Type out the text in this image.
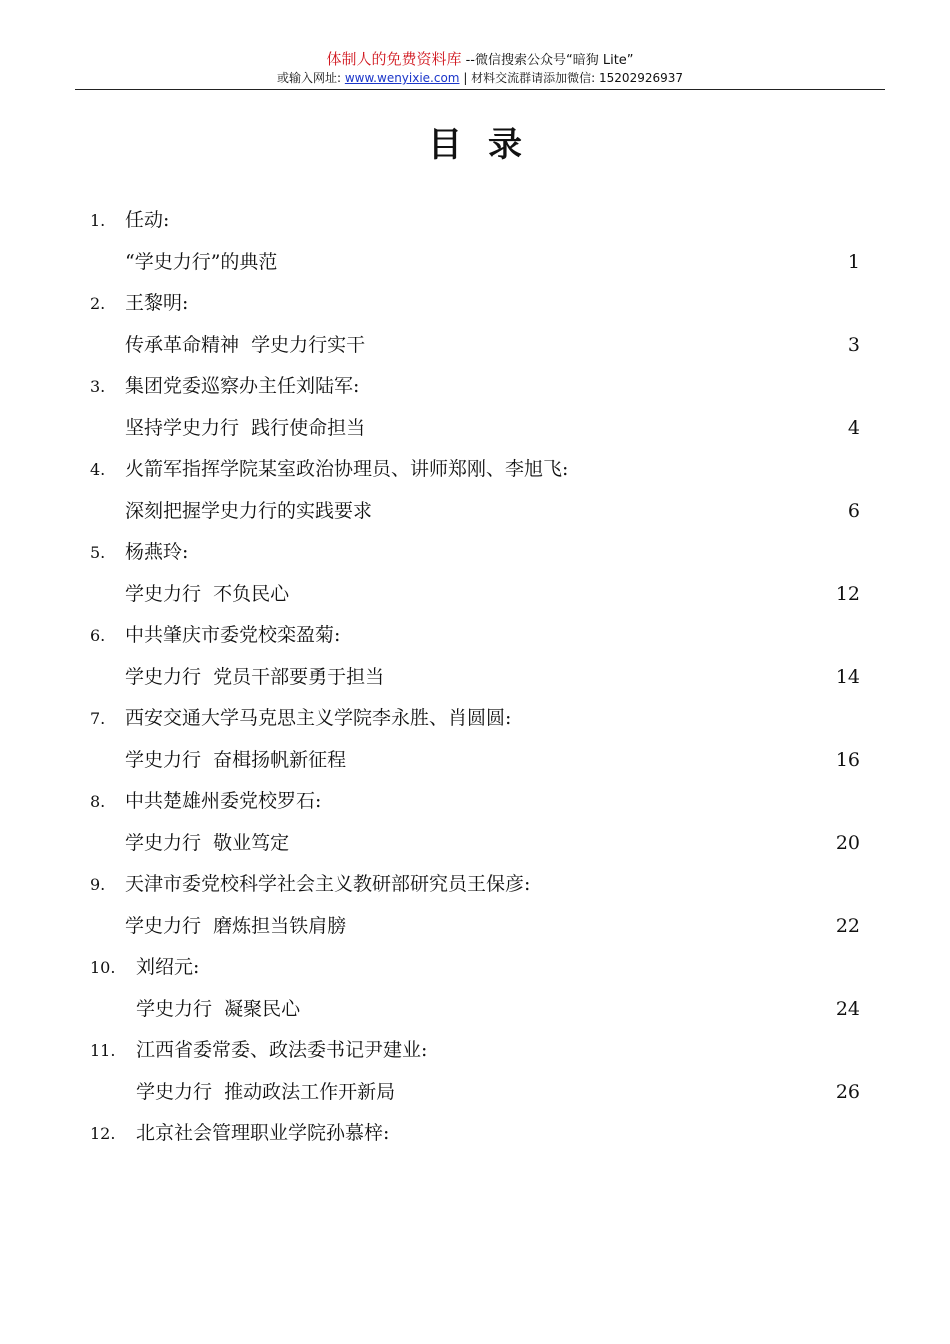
体制人的免费资料库 --微信搜索公众号“暗狗 Lite”
或输入网址: www.wenyixie.com | 材料交流群请添加微信: 15202926937
目录
1. 任动:
“学史力行”的典范	1
2. 王黎明:
传承革命精神  学史力行实干	3
3. 集团党委巡察办主任刘陆军:
坚持学史力行  践行使命担当	4
4. 火箭军指挥学院某室政治协理员、讲师郑刚、李旭飞:
深刻把握学史力行的实践要求	6
5. 杨燕玲:
学史力行  不负民心	12
6. 中共肇庆市委党校栾盈菊:
学史力行  党员干部要勇于担当	14
7. 西安交通大学马克思主义学院李永胜、肖圆圆:
学史力行  奋楫扬帆新征程	16
8. 中共楚雄州委党校罗石:
学史力行  敬业笃定	20
9. 天津市委党校科学社会主义教研部研究员王保彦:
学史力行  磨炼担当铁肩膀	22
10. 刘绍元:
学史力行  凝聚民心	24
11. 江西省委常委、政法委书记尹建业:
学史力行  推动政法工作开新局	26
12. 北京社会管理职业学院孙慕梓:
